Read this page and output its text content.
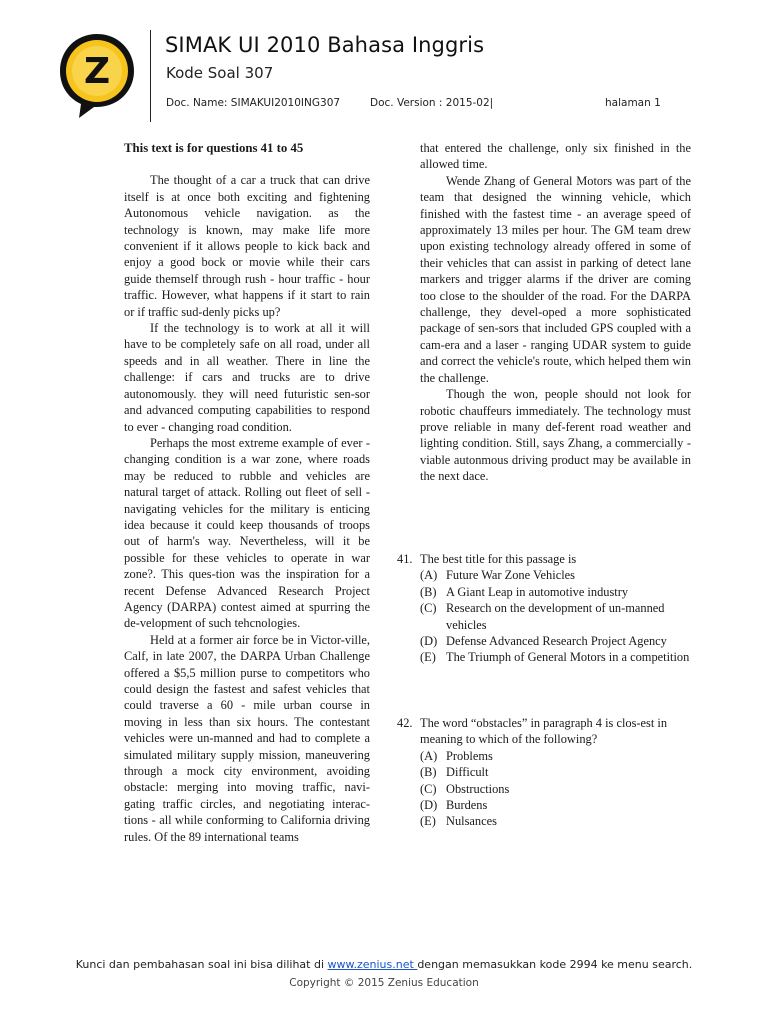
Z
SIMAK UI 2010 Bahasa Inggris
Kode Soal 307
Doc. Name: SIMAKUI2010ING307	Doc. Version : 2015-02|	halaman 1

This text is for questions 41 to 45

The thought of a car a truck that can drive itself is at once both exciting and fightening Autonomous vehicle navigation. as the technology is known, may make life more convenient if it allows people to kick back and enjoy a good bock or movie while their cars guide themself through rush - hour traffic - hour traffic. However, what happens if it start to rain or if traffic sud-denly picks up?

If the technology is to work at all it will have to be completely safe on all road, under all speeds and in all weather. There in line the challenge: if cars and trucks are to drive autonomously. they will need futuristic sen-sor and advanced computing capabilities to respond to ever - changing road condition.

Perhaps the most extreme example of ever - changing condition is a war zone, where roads may be reduced to rubble and vehicles are natural target of attack. Rolling out fleet of sell - navigating vehicles for the military is enticing idea because it could keep thousands of troops out of harm's way. Nevertheless, will it be possible for these vehicles to operate in war zone?. This ques-tion was the inspiration for a recent Defense Advanced Research Project Agency (DARPA) contest aimed at spurring the de-velopment of such tehcnologies.

Held at a former air force be in Victor-ville, Calf, in late 2007, the DARPA Urban Challenge offered a $5,5 million purse to competitors who could design the fastest and safest vehicles that could traverse a 60 - mile urban course in moving in less than six hours. The contestant vehicles were un-manned and had to complete a simulated military supply mission, maneuvering through a mock city environment, avoiding obstacle: merging into moving traffic, navi-gating traffic circles, and negotiating interac-tions - all while conforming to California driving rules. Of the 89 international teams

that entered the challenge, only six finished in the allowed time.

Wende Zhang of General Motors was part of the team that designed the winning vehicle, which finished with the fastest time - an average speed of approximately 13 miles per hour. The GM team drew upon existing technology already offered in some of their vehicles that can assist in parking of detect lane markers and trigger alarms if the driver are coming too close to the shoulder of the road. For the DARPA challenge, they devel-oped a more sophisticated package of sen-sors that included GPS coupled with a cam-era and a laser - ranging UDAR system to guide and correct the vehicle's route, which helped them win the challenge.

Though the won, people should not look for robotic chauffeurs immediately. The technology must prove reliable in many def-ferent road weather and lighting condition. Still, says Zhang, a commercially - viable autonmous driving product may be available in the next dace.

41. The best title for this passage is
(A) Future War Zone Vehicles
(B) A Giant Leap in automotive industry
(C) Research on the development of un-manned vehicles
(D) Defense Advanced Research Project Agency
(E) The Triumph of General Motors in a competition
42. The word “obstacles” in paragraph 4 is clos-est in meaning to which of the following?
(A) Problems
(B) Difficult
(C) Obstructions
(D) Burdens
(E) Nulsances
Kunci dan pembahasan soal ini bisa dilihat di www.zenius.net dengan memasukkan kode 2994 ke menu search.
Copyright © 2015 Zenius Education
